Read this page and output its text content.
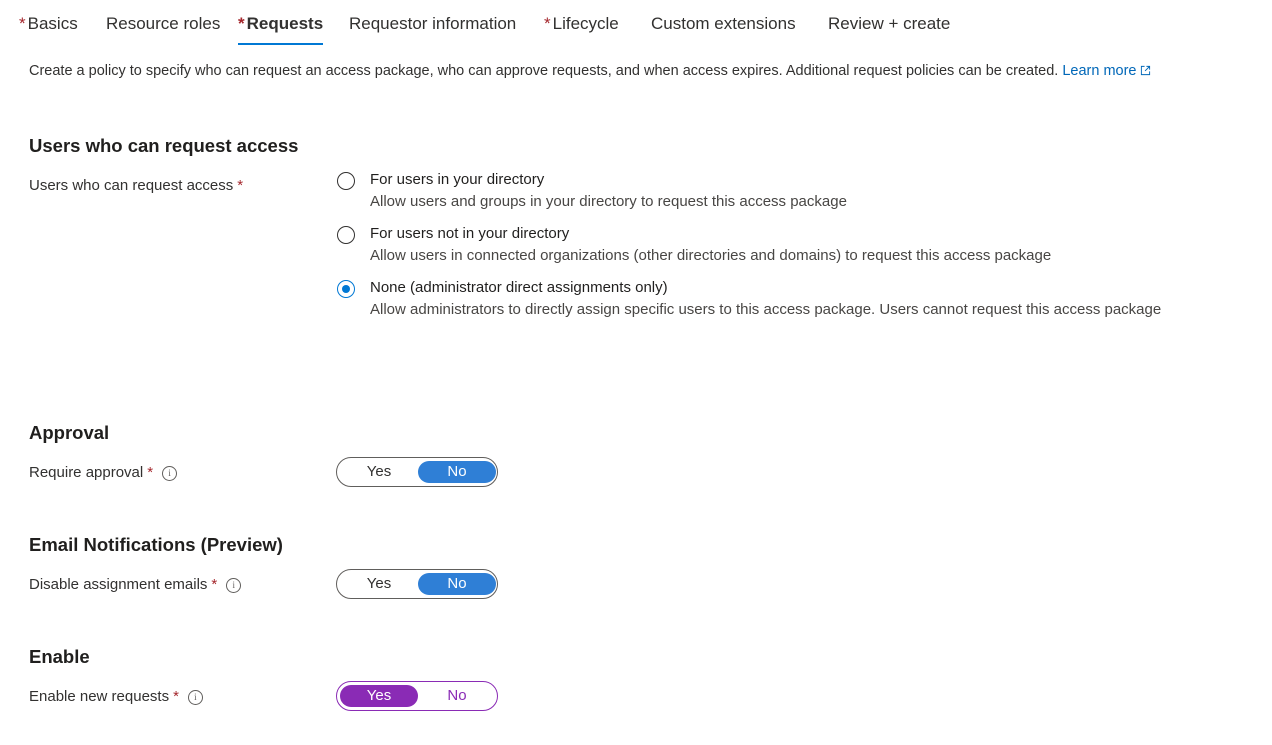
* Basics Resource roles * Requests Requestor information * Lifecycle Custom extensions Review + create
Create a policy to specify who can request an access package, who can approve requests, and when access expires. Additional request policies can be created. Learn more
Users who can request access
Users who can request access *	For users in your directory
Allow users and groups in your directory to request this access package
For users not in your directory
Allow users in connected organizations (other directories and domains) to request this access package
None (administrator direct assignments only)
Allow administrators to directly assign specific users to this access package. Users cannot request this access package
Approval
Require approval * i	Yes	No
Email Notifications (Preview)
Disable assignment emails * i	Yes	No
Enable
Enable new requests * i	Yes	No
